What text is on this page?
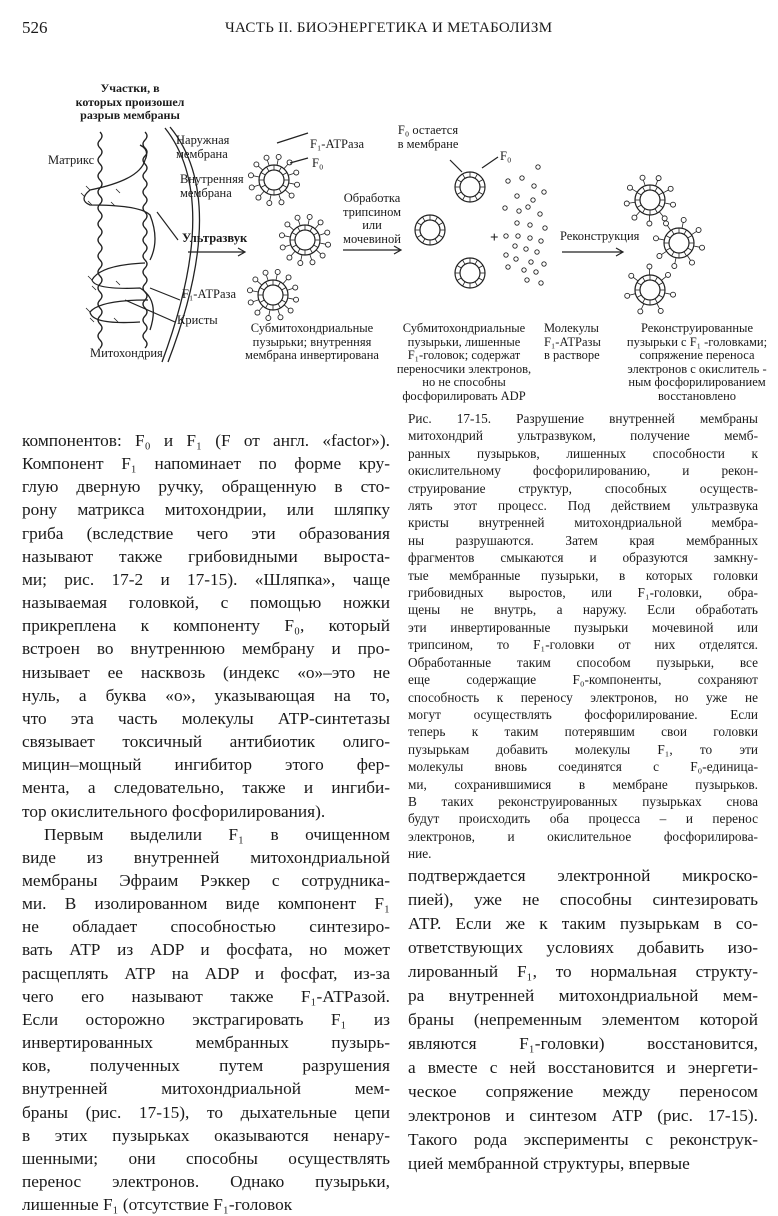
526	ЧАСТЬ II. БИОЭНЕРГЕТИКА И МЕТАБОЛИЗМ
Участки, в
которых произошел
разрыв мембраны
Матрикс
Наружная
мембрана
Внутренняя
мембрана
Ультразвук
F₁-АТРаза
Кристы
Митохондрия
F₁-АТРаза
F₀
Обработка
трипсином
или
мочевиной
F₀ остается
в мембране
F₀
+	Реконструкция
Субмитохондриальные
пузырьки; внутренняя
мембрана инвертирована
Субмитохондриальные
пузырьки, лишенные
F₁-головок; содержат
переносчики электронов,
но не способны
фосфорилировать ADP
Молекулы
F₁-АТРазы
в растворе
Реконструированные
пузырьки с F₁ -головками;
сопряжение переноса
электронов с окислитель -
ным фосфорилированием
восстановлено
компонентов: F₀ и F₁ (F от англ. «factor»).
Компонент F₁ напоминает по форме кру-
глую дверную ручку, обращенную в сто-
рону матрикса митохондрии, или шляпку
гриба (вследствие чего эти образования
называют также грибовидными выроста-
ми; рис. 17-2 и 17-15). «Шляпка», чаще
называемая головкой, с помощью ножки
прикреплена к компоненту F₀, который
встроен во внутреннюю мембрану и про-
низывает ее насквозь (индекс «о»–это не
нуль, а буква «о», указывающая на то,
что эта часть молекулы АТР-синтетазы
связывает токсичный антибиотик олиго-
мицин–мощный ингибитор этого фер-
мента, а следовательно, также и ингиби-
тор окислительного фосфорилирования).
Первым выделили F₁ в очищенном
виде из внутренней митохондриальной
мембраны Эфраим Рэккер с сотрудника-
ми. В изолированном виде компонент F₁
не обладает способностью синтезиро-
вать АТР из ADP и фосфата, но может
расщеплять АТР на ADP и фосфат, из-за
чего его называют также F₁-АТРазой.
Если осторожно экстрагировать F₁ из
инвертированных мембранных пузырь-
ков, полученных путем разрушения
внутренней митохондриальной мем-
браны (рис. 17-15), то дыхательные цепи
в этих пузырьках оказываются ненару-
шенными; они способны осуществлять
перенос электронов. Однако пузырьки,
лишенные F₁ (отсутствие F₁-головок
Рис. 17-15. Разрушение внутренней мембраны
митохондрий ультразвуком, получение мемб-
ранных пузырьков, лишенных способности к
окислительному фосфорилированию, и рекон-
струирование структур, способных осуществ-
лять этот процесс. Под действием ультразвука
кристы внутренней митохондриальной мембра-
ны разрушаются. Затем края мембранных
фрагментов смыкаются и образуются замкну-
тые мембранные пузырьки, в которых головки
грибовидных выростов, или F₁-головки, обра-
щены не внутрь, а наружу. Если обработать
эти инвертированные пузырьки мочевиной или
трипсином, то F₁-головки от них отделятся.
Обработанные таким способом пузырьки, все
еще содержащие F₀-компоненты, сохраняют
способность к переносу электронов, но уже не
могут осуществлять фосфорилирование. Если
теперь к таким потерявшим свои головки
пузырькам добавить молекулы F₁, то эти
молекулы вновь соединятся с F₀-единица-
ми, сохранившимися в мембране пузырьков.
В таких реконструированных пузырьках снова
будут происходить оба процесса – и перенос
электронов, и окислительное фосфорилирова-
ние.
подтверждается электронной микроско-
пией), уже не способны синтезировать
АТР. Если же к таким пузырькам в со-
ответствующих условиях добавить изо-
лированный F₁, то нормальная структу-
ра внутренней митохондриальной мем-
браны (непременным элементом которой
являются F₁-головки) восстановится,
а вместе с ней восстановится и энергети-
ческое сопряжение между переносом
электронов и синтезом АТР (рис. 17-15).
Такого рода эксперименты с реконструк-
цией мембранной структуры, впервые
